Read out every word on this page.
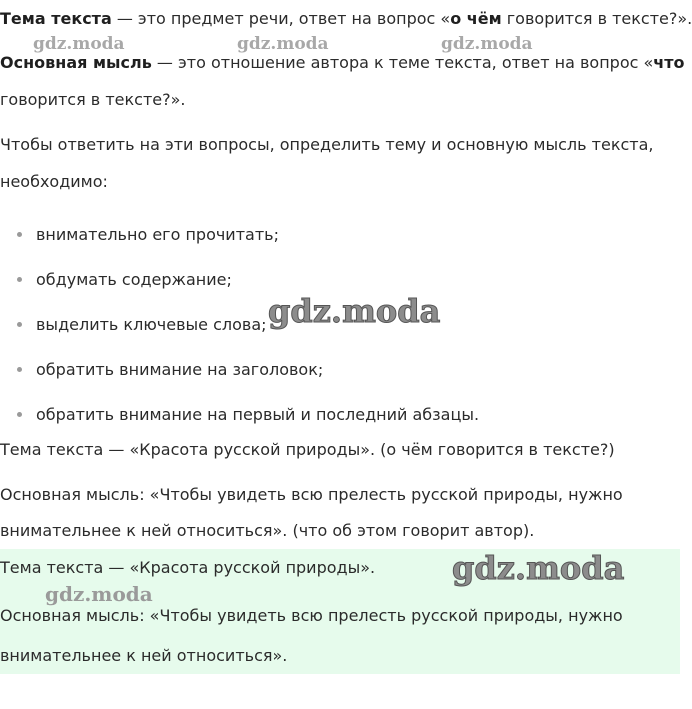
Тема текста — это предмет речи, ответ на вопрос «о чём говорится в тексте?».

Основная мысль — это отношение автора к теме текста, ответ на вопрос «что

говорится в тексте?».

Чтобы ответить на эти вопросы, определить тему и основную мысль текста,

необходимо:

внимательно его прочитать;
обдумать содержание;
выделить ключевые слова;
обратить внимание на заголовок;
обратить внимание на первый и последний абзацы.

Тема текста — «Красота русской природы». (о чём говорится в тексте?)

Основная мысль: «Чтобы увидеть всю прелесть русской природы, нужно

внимательнее к ней относиться». (что об этом говорит автор).

Тема текста — «Красота русской природы».

Основная мысль: «Чтобы увидеть всю прелесть русской природы, нужно

внимательнее к ней относиться».

gdz.moda	gdz.moda	gdz.moda
gdz.moda
gdz.moda
gdz.moda
